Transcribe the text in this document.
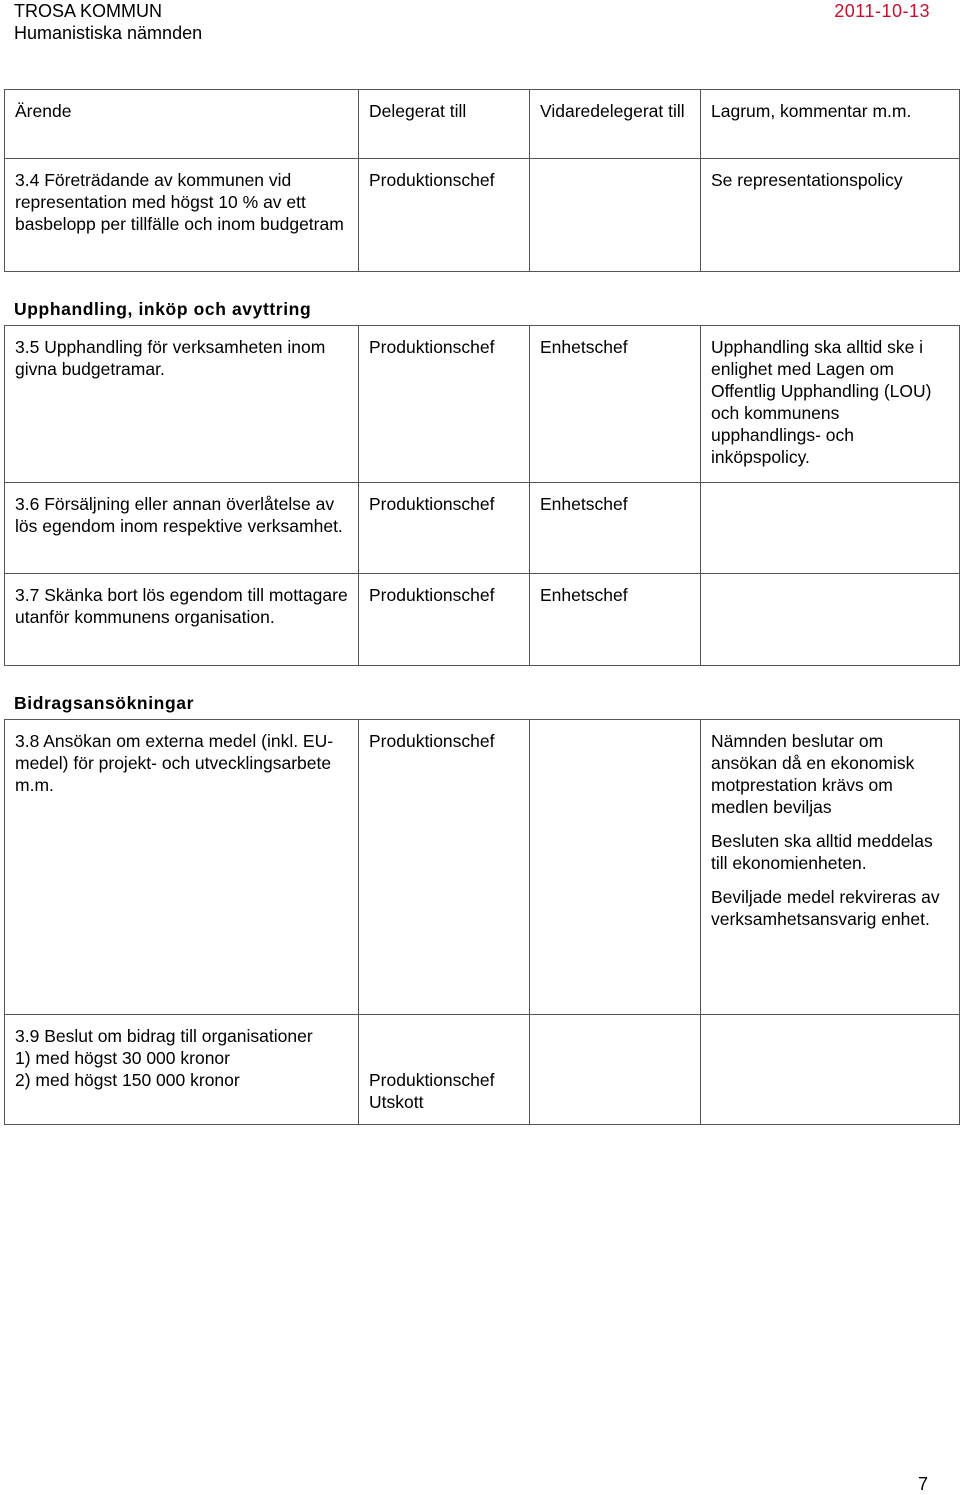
TROSA KOMMUN
Humanistiska nämnden
2011-10-13
Ärende	Delegerat till	Vidaredelegerat till	Lagrum, kommentar m.m.
3.4 Företrädande av kommunen vid representation med högst 10 % av ett basbelopp per tillfälle och inom budgetram	Produktionschef		Se representationspolicy
Upphandling, inköp och avyttring
3.5 Upphandling för verksamheten inom givna budgetramar.	Produktionschef	Enhetschef	Upphandling ska alltid ske i enlighet med Lagen om Offentlig Upphandling (LOU) och kommunens upphandlings- och inköpspolicy.
3.6 Försäljning eller annan överlåtelse av lös egendom inom respektive verksamhet.	Produktionschef	Enhetschef	
3.7 Skänka bort lös egendom till mottagare utanför kommunens organisation.	Produktionschef	Enhetschef	
Bidragsansökningar
3.8 Ansökan om externa medel (inkl. EU-medel) för projekt- och utvecklingsarbete m.m.	Produktionschef		Nämnden beslutar om ansökan då en ekonomisk motprestation krävs om medlen beviljas

Besluten ska alltid meddelas till ekonomienheten.

Beviljade medel rekvireras av verksamhetsansvarig enhet.

3.9 Beslut om bidrag till organisationer
1) med högst 30 000 kronor
2) med högst 150 000 kronor	Produktionschef
Utskott		

7
